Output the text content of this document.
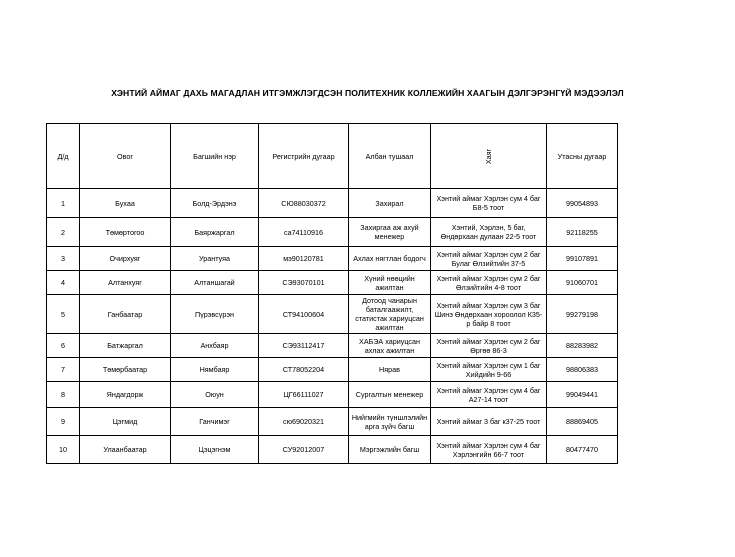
ХЭНТИЙ АЙМАГ ДАХЬ МАГАДЛАН ИТГЭМЖЛЭГДСЭН ПОЛИТЕХНИК КОЛЛЕЖИЙН ХААГЫН ДЭЛГЭРЭНГҮЙ МЭДЭЭЛЭЛ
Д/д	Овог	Багшийн нэр	Регистрийн дугаар	Албан тушаал	Хаяг	Утасны дугаар
1	Бухаа	Болд-Эрдэнэ	СЮ88030372	Захирал	Хэнтий аймаг Хэрлэн сум 4 баг Б8-5 тоот	99054893
2	Төмөртогоо	Баяржаргал	са74110916	Захиргаа аж ахуй менежер	Хэнтий, Хэрлэн, 5 баг, Өндөрхаан дулаан 22-5 тоот	92118255
3	Очирхуяг	Урантуяа	мэ90120781	Ахлах нягтлан бодогч	Хэнтий аймаг Хэрлэн сум 2 баг Булаг Өлзийтийн 37-5	99107891
4	Алтанхуяг	Алтаншагай	СЭ93070101	Хүний нөөцийн ажилтан	Хэнтий аймаг Хэрлэн сум 2 баг Өлзийтийн 4-8 тоот	91060701
5	Ганбаатар	Пүрэвсүрэн	СТ94100604	Дотоод чанарын баталгаажилт, статистак хариуцсан ажилтан	Хэнтий аймаг Хэрлэн сум 3 баг Шинэ Өндөрхаан хороолол К35-р байр 8 тоот	99279198
6	Батжаргал	Анхбаяр	СЭ93112417	ХАБЭА хариуцсан ахлах ажилтан	Хэнтий аймаг Хэрлэн сум 2 баг Өргөө 86-3	88283982
7	Төмөрбаатар	Нямбаяр	СТ78052204	Нярав	Хэнтий аймаг Хэрлэн сум 1 баг Хийдийн 9-66	98806383
8	Яндагдорж	Оюун	ЦГ66111027	Сургалтын менежер	Хэнтий аймаг Хэрлэн сум 4 баг А27-14 тоот	99049441
9	Цэгмид	Ганчимэг	сю69020321	Нийгмийн түншлэлийн арга зүйч багш	Хэнтий аймаг 3 баг к37-25 тоот	88869405
10	Улаанбаатар	Цэцэгнэм	СУ92012007	Мэргэжлийн багш	Хэнтий аймаг Хэрлэн сум 4 баг Хэрлэнгийн 66-7 тоот	80477470
